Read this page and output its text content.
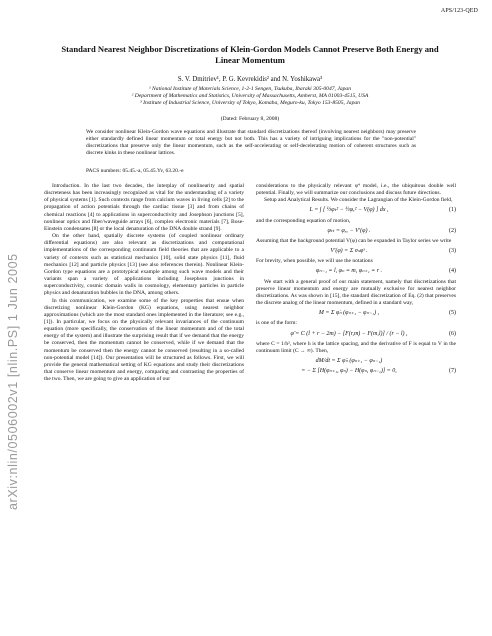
APS/123-QED
arXiv:nlin/0506002v1 [nlin.PS] 1 Jun 2005
Standard Nearest Neighbor Discretizations of Klein-Gordon Models Cannot Preserve Both Energy and Linear Momentum
S. V. Dmitriev¹, P. G. Kevrekidis² and N. Yoshikawa³
¹ National Institute of Materials Science, 1-2-1 Sengen, Tsukuba, Ibaraki 305-0047, Japan
² Department of Mathematics and Statistics, University of Massachusetts, Amherst, MA 01003-4515, USA
³ Institute of Industrial Science, University of Tokyo, Komaba, Meguro-ku, Tokyo 153-8505, Japan
(Dated: February 8, 2008)
We consider nonlinear Klein-Gordon wave equations and illustrate that standard discretizations thereof (involving nearest neighbors) may preserve either standardly defined linear momentum or total energy but not both. This has a variety of intriguing implications for the "non-potential" discretizations that preserve only the linear momentum, such as the self-accelerating or self-decelerating motion of coherent structures such as discrete kinks in these nonlinear lattices.
PACS numbers: 05.45.-a, 05.45.Yv, 63.20.-e

Introduction. In the last two decades, the interplay of nonlinearity and spatial discreteness has been increasingly recognized as vital for the understanding of a variety of physical systems [1]. Such contexts range from calcium waves in living cells [2] to the propagation of action potentials through the cardiac tissue [3] and from chains of chemical reactions [4] to applications in superconductivity and Josephson junctions [5], nonlinear optics and fiber/waveguide arrays [6], complex electronic materials [7], Bose-Einstein condensates [8] or the local denaturation of the DNA double strand [9].

On the other hand, spatially discrete systems (of coupled nonlinear ordinary differential equations) are also relevant as discretizations and computational implementations of the corresponding continuum field theories that are applicable to a variety of contexts such as statistical mechanics [10], solid state physics [11], fluid mechanics [12] and particle physics [13] (see also references therein). Nonlinear Klein-Gordon type equations are a prototypical example among such wave models and their variants span a variety of applications including Josephson junctions in superconductivity, cosmic domain walls in cosmology, elementary particles in particle physics and denaturation bubbles in the DNA, among others.

In this communication, we examine some of the key properties that ensue when discretizing nonlinear Klein-Gordon (KG) equations, using nearest neighbor approximations (which are the most standard ones implemented in the literature; see e.g., [1]). In particular, we focus on the physically relevant invariances of the continuum equation (more specifically, the conservation of the linear momentum and of the total energy of the system) and illustrate the surprising result that if we demand that the energy be conserved, then the momentum cannot be conserved, while if we demand that the momentum be conserved then the energy cannot be conserved (resulting in a so-called non-potential model [14]). Our presentation will be structured as follows. First, we will provide the general mathematical setting of KG equations and study their discretizations that conserve linear momentum and energy, comparing and contrasting the properties of the two. Then, we are going to give an application of our

considerations to the physically relevant φ⁴ model, i.e., the ubiquitous double well potential. Finally, we will summarize our conclusions and discuss future directions.

Setup and Analytical Results. We consider the Lagrangian of the Klein-Gordon field,

L = ∫ [ ½φₜ² − ½φₓ² − V(φ) ] dx ,	(1)

and the corresponding equation of motion,

φₜₜ = φₓₓ − V′(φ) .	(2)

Assuming that the background potential V(φ) can be expanded in Taylor series we write

V′(φ) = Σ σₛφˢ .	(3)

For brevity, when possible, we will use the notations

φₙ₋₁ ≡ l, φₙ ≡ m, φₙ₊₁ ≡ r .	(4)

We start with a general proof of our main statement, namely that discretizations that preserve linear momentum and energy are mutually exclusive for nearest neighbor discretizations. As was shown in [15], the standard discretization of Eq. (2) that preserves the discrete analog of the linear momentum, defined in a standard way,

M = Σ φ̇ₙ (φₙ₊₁ − φₙ₋₁) ,	(5)

is one of the form:

φ̈ = C (l + r − 2m) − [F(r,m) − F(m,l)] / (r − l) ,	(6)

where C = 1/h², where h is the lattice spacing, and the derivative of F is equal to V in the continuum limit (C → ∞). Then,

dM/dt = Σ φ̈ₙ (φₙ₊₁ − φₙ₋₁)
= − Σ [H(φₙ₊₁, φₙ) − H(φₙ, φₙ₋₁)] = 0,	(7)
